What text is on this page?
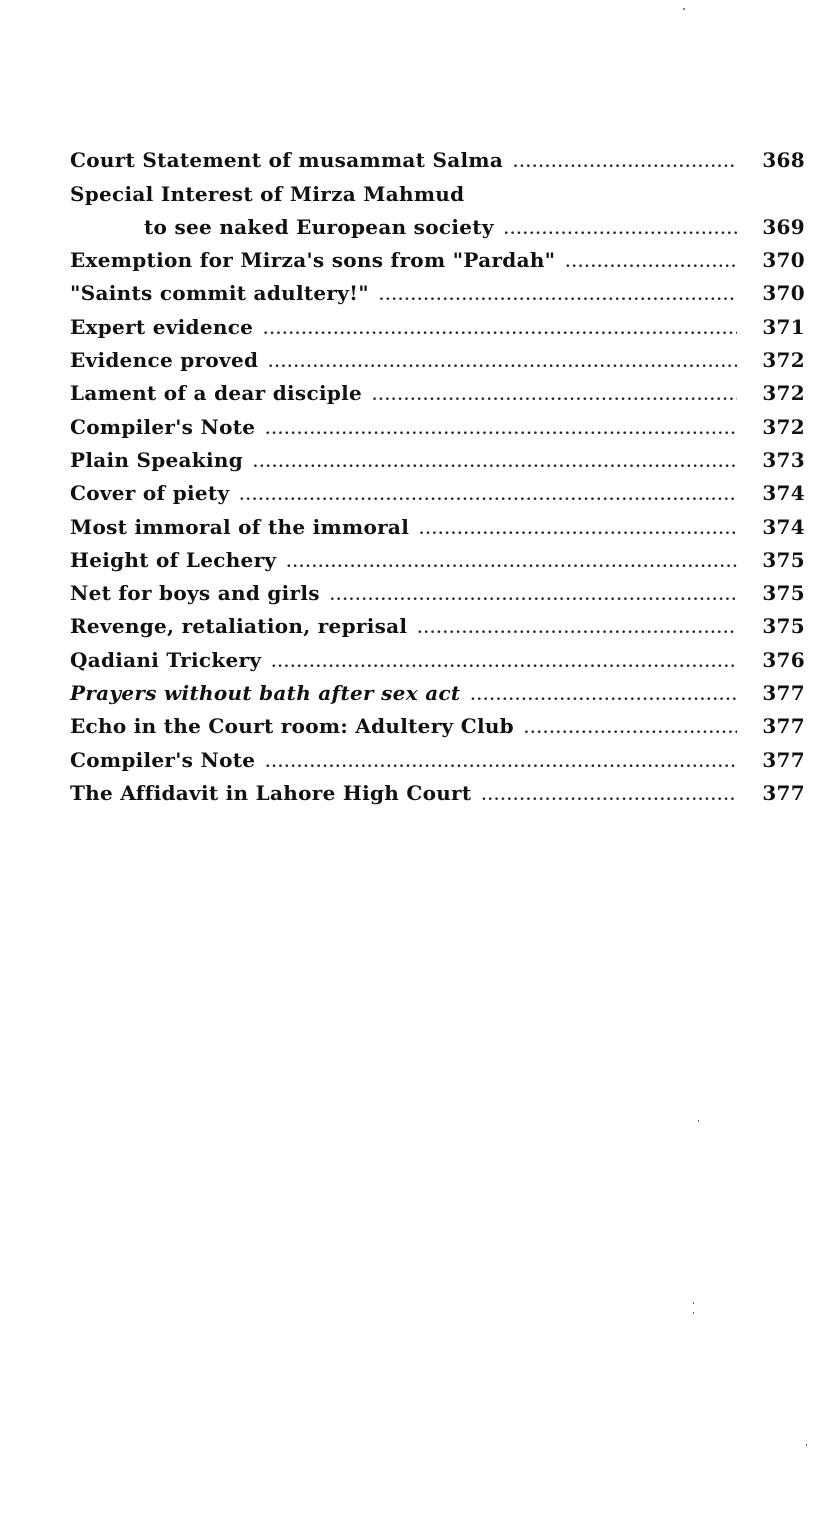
Court Statement of musammat Salma .....	368
Special Interest of Mirza Mahmud
to see naked European society .....	369
Exemption for Mirza's sons from "Pardah" .....	370
"Saints commit adultery!" .....	370
Expert evidence .....	371
Evidence proved .....	372
Lament of a dear disciple .....	372
Compiler's Note .....	372
Plain Speaking .....	373
Cover of piety .....	374
Most immoral of the immoral .....	374
Height of Lechery .....	375
Net for boys and girls .....	375
Revenge, retaliation, reprisal .....	375
Qadiani Trickery .....	376
Prayers without bath after sex act .....	377
Echo in the Court room: Adultery Club .....	377
Compiler's Note .....	377
The Affidavit in Lahore High Court .....	377
